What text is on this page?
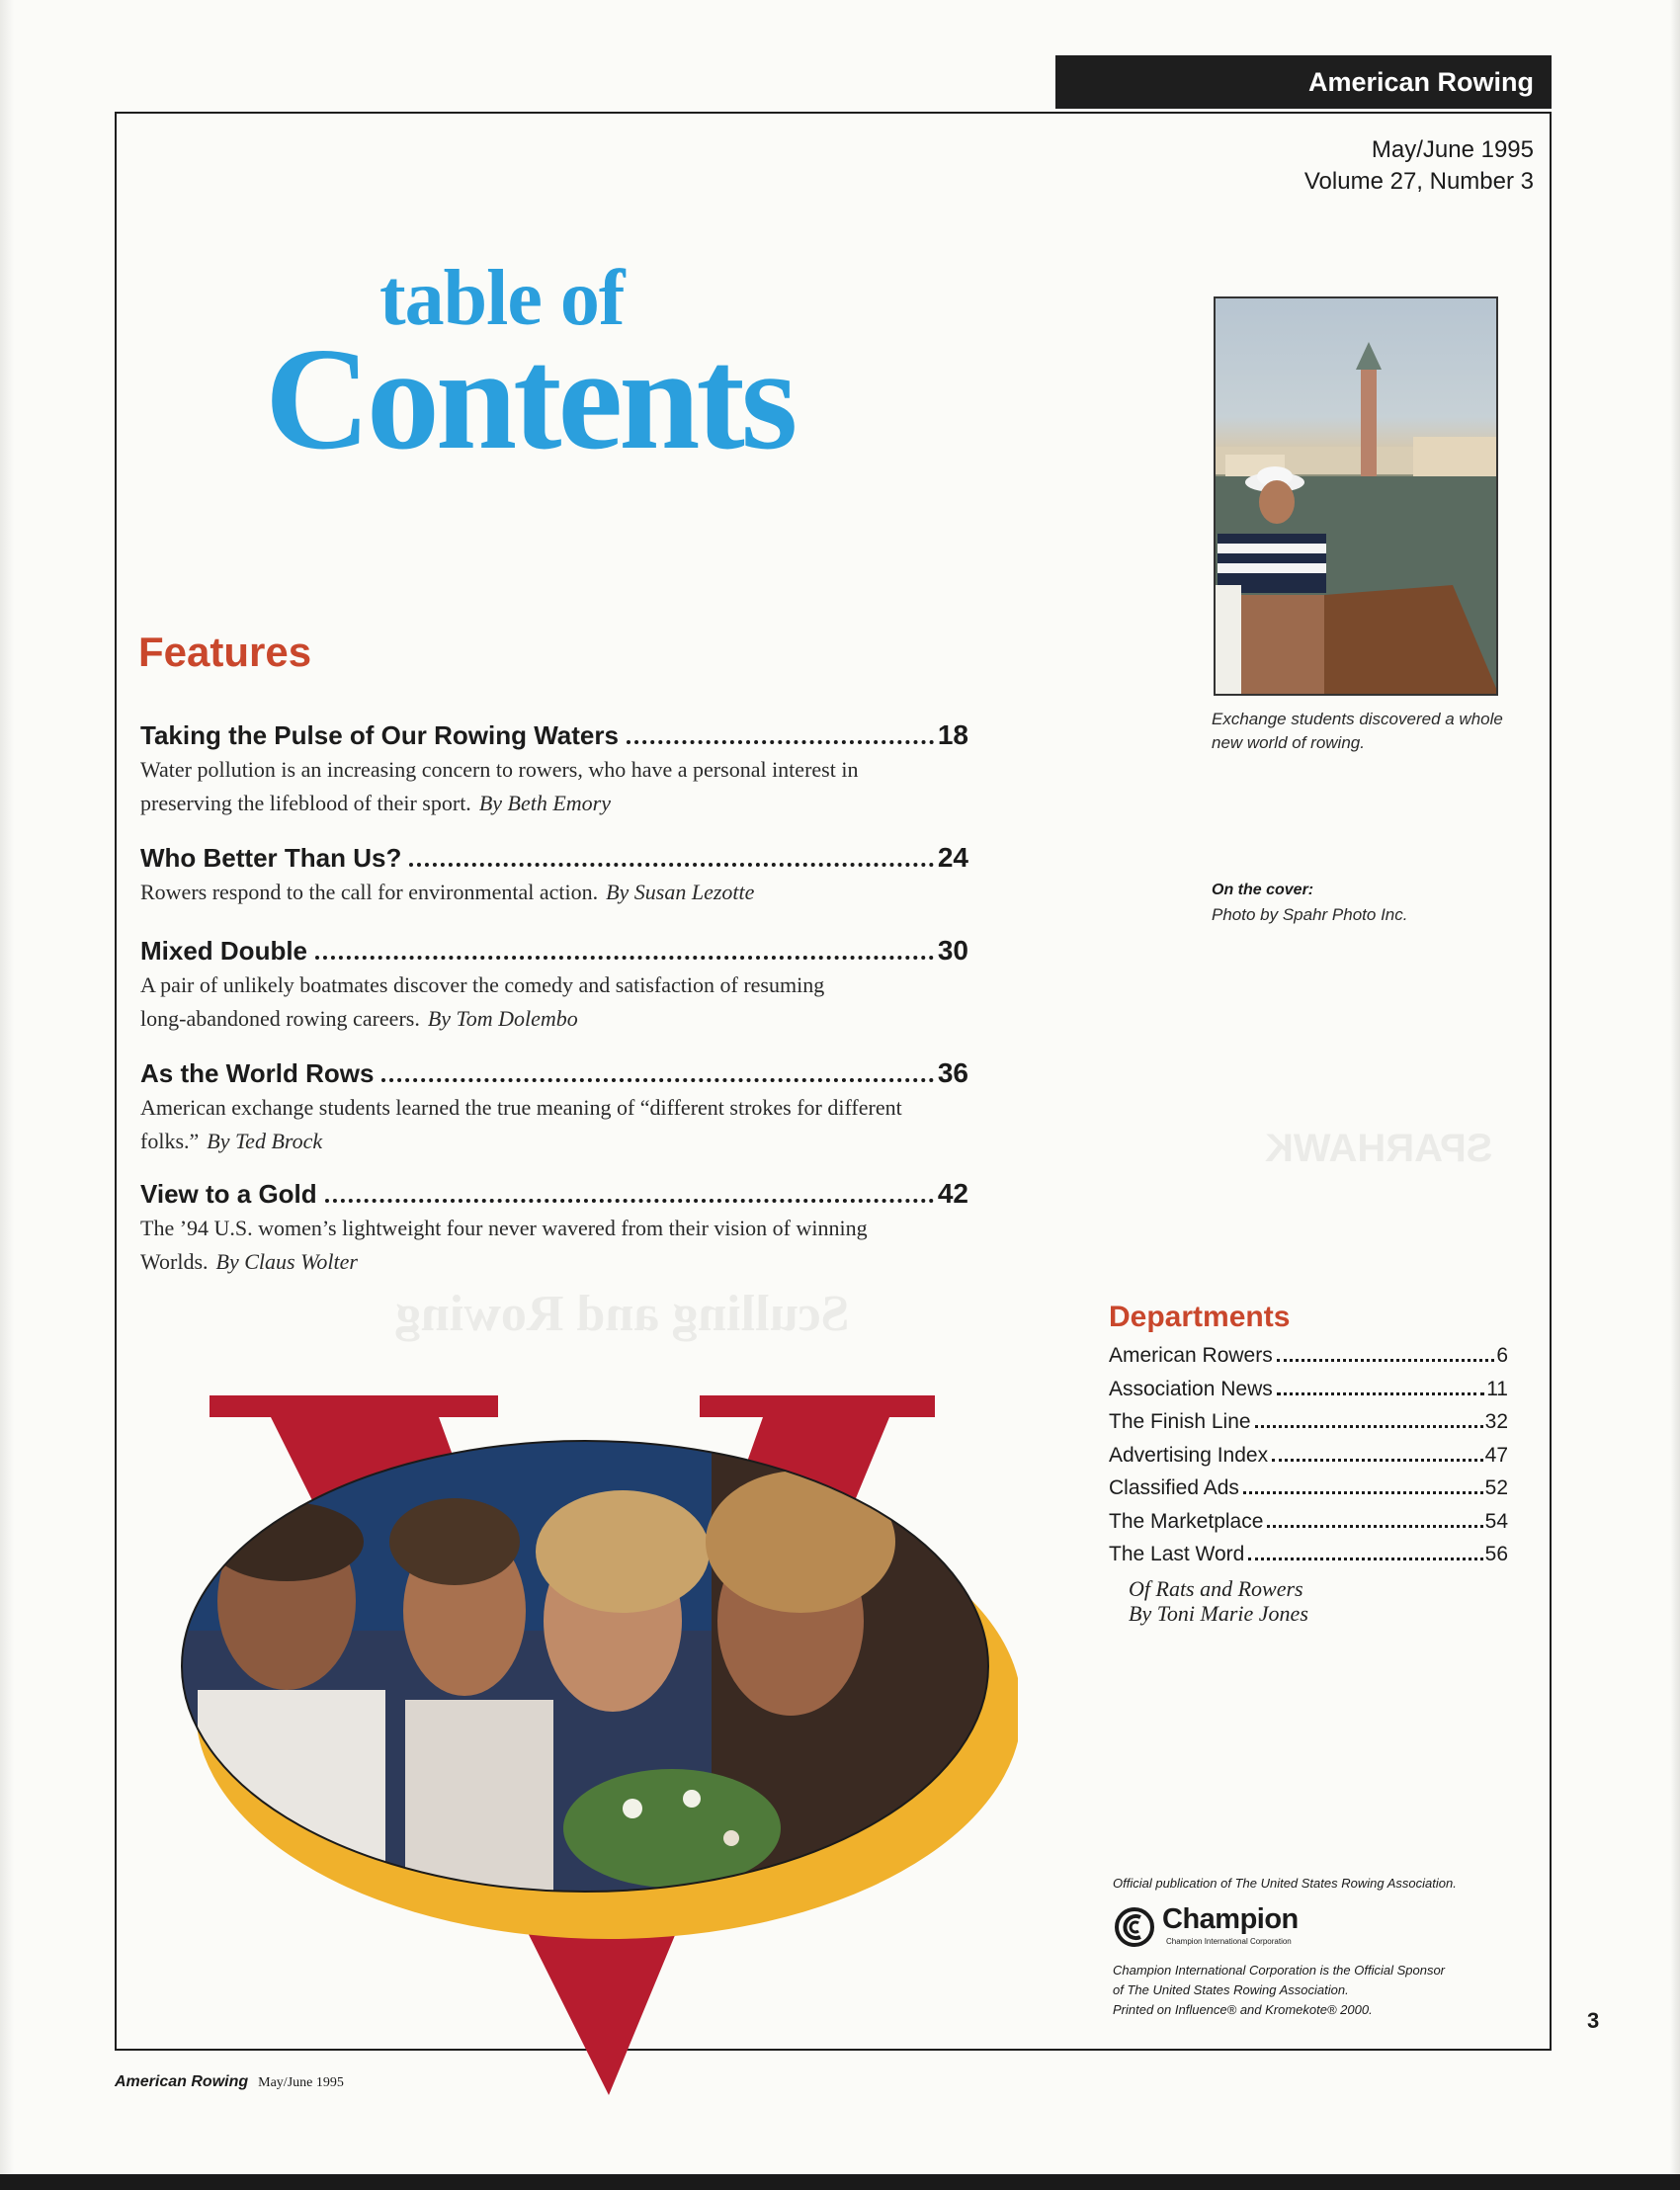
SPARHAWK
Sculling and Rowing
American Rowing
May/June 1995
Volume 27, Number 3
table of
Contents
Features
Taking the Pulse of Our Rowing Waters	18
Water pollution is an increasing concern to rowers, who have a personal interest in preserving the lifeblood of their sport. By Beth Emory
Who Better Than Us?	24
Rowers respond to the call for environmental action. By Susan Lezotte
Mixed Double	30
A pair of unlikely boatmates discover the comedy and satisfaction of resuming long-abandoned rowing careers. By Tom Dolembo
As the World Rows	36
American exchange students learned the true meaning of “different strokes for different folks.” By Ted Brock
View to a Gold	42
The ’94 U.S. women’s lightweight four never wavered from their vision of winning Worlds. By Claus Wolter
Exchange students discovered a whole new world of rowing.
On the cover:
Photo by Spahr Photo Inc.
Departments
American Rowers	6
Association News	11
The Finish Line	32
Advertising Index	47
Classified Ads	52
The Marketplace	54
The Last Word	56
Of Rats and Rowers
By Toni Marie Jones
Official publication of The United States Rowing Association.
Champion
Champion International Corporation
Champion International Corporation is the Official Sponsor
of The United States Rowing Association.
Printed on Influence® and Kromekote® 2000.	3
American Rowing May/June 1995
